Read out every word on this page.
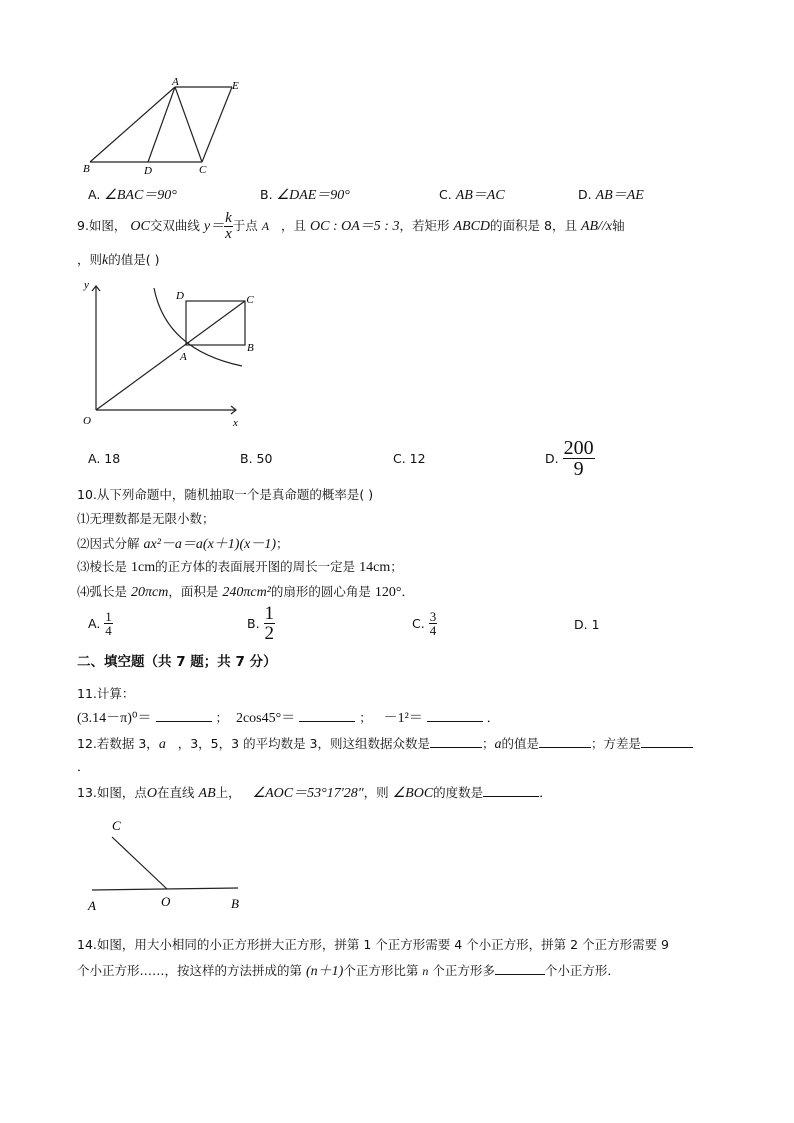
A	E
B	D	C
A. ∠BAC＝90°	B. ∠DAE＝90°	C. AB＝AC	D. AB＝AE
9.如图， OC交双曲线 $y= \frac{k}{x}$ 于点 A ，且 OC : OA＝5 : 3，若矩形 ABCD的面积是 8，且 AB//x轴
，则k的值是( )
y
D	C
B
A
O	x
A. 18	B. 50	C. 12	D. $\frac{200}{9}$
10.从下列命题中，随机抽取一个是真命题的概率是( )
⑴无理数都是无限小数；
⑵因式分解 ax²－a＝a(x＋1)(x－1)；
⑶棱长是 1cm的正方体的表面展开图的周长一定是 14cm；
⑷弧长是 20πcm，面积是 240πcm²的扇形的圆心角是 120°．
A. $\frac{1}{4}$	B. $\frac{1}{2}$	C. $\frac{3}{4}$	D. 1
二、填空题（共 7 题；共 7 分）
11.计算：
(3.14－π)⁰＝	； 2cos45°＝	； －1²＝	．
12.若数据 3，a ，3，5，3 的平均数是 3，则这组数据众数是	；a的值是	；方差是
．
13.如图，点O在直线 AB上， ∠AOC＝53°17′28″，则 ∠BOC的度数是	．
C
A	O	B
14.如图，用大小相同的小正方形拼大正方形，拼第 1 个正方形需要 4 个小正方形，拼第 2 个正方形需要 9
个小正方形……，按这样的方法拼成的第 (n＋1)个正方形比第 n 个正方形多	个小正方形．
